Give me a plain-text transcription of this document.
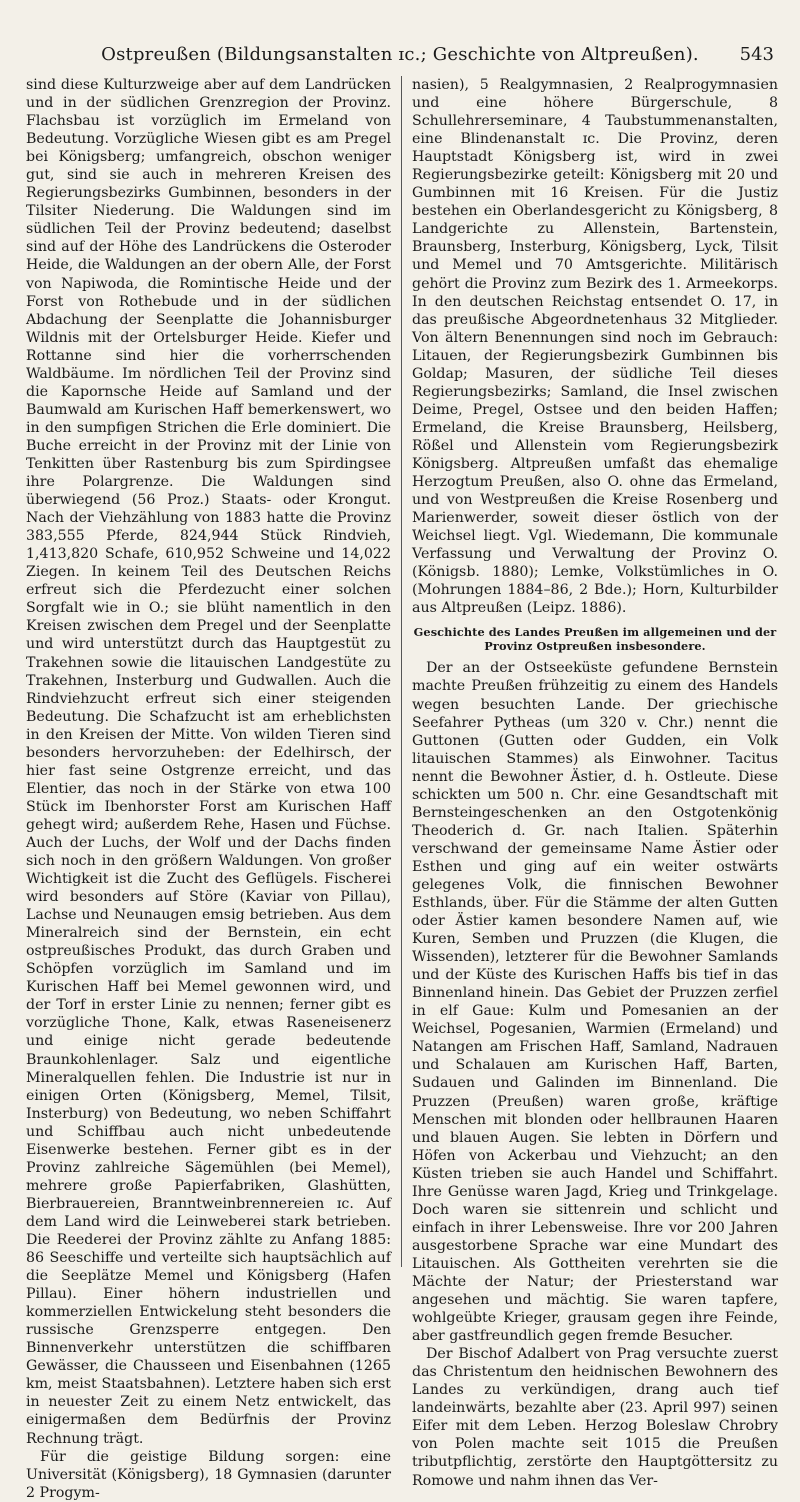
Ostpreußen (Bildungsanstalten ɪc.; Geschichte von Altpreußen).	543

sind diese Kulturzweige aber auf dem Landrücken und in der südlichen Grenzregion der Provinz. Flachsbau ist vorzüglich im Ermeland von Bedeutung. Vorzügliche Wiesen gibt es am Pregel bei Königsberg; umfangreich, obschon weniger gut, sind sie auch in mehreren Kreisen des Regierungsbezirks Gumbinnen, besonders in der Tilsiter Niederung. Die Waldungen sind im südlichen Teil der Provinz bedeutend; daselbst sind auf der Höhe des Landrückens die Osteroder Heide, die Waldungen an der obern Alle, der Forst von Napiwoda, die Romintische Heide und der Forst von Rothebude und in der südlichen Abdachung der Seenplatte die Johannisburger Wildnis mit der Ortelsburger Heide. Kiefer und Rottanne sind hier die vorherrschenden Waldbäume. Im nördlichen Teil der Provinz sind die Kapornsche Heide auf Samland und der Baumwald am Kurischen Haff bemerkenswert, wo in den sumpfigen Strichen die Erle dominiert. Die Buche erreicht in der Provinz mit der Linie von Tenkitten über Rastenburg bis zum Spirdingsee ihre Polargrenze. Die Waldungen sind überwiegend (56 Proz.) Staats- oder Krongut. Nach der Viehzählung von 1883 hatte die Provinz 383,555 Pferde, 824,944 Stück Rindvieh, 1,413,820 Schafe, 610,952 Schweine und 14,022 Ziegen. In keinem Teil des Deutschen Reichs erfreut sich die Pferdezucht einer solchen Sorgfalt wie in O.; sie blüht namentlich in den Kreisen zwischen dem Pregel und der Seenplatte und wird unterstützt durch das Hauptgestüt zu Trakehnen sowie die litauischen Landgestüte zu Trakehnen, Insterburg und Gudwallen. Auch die Rindviehzucht erfreut sich einer steigenden Bedeutung. Die Schafzucht ist am erheblichsten in den Kreisen der Mitte. Von wilden Tieren sind besonders hervorzuheben: der Edelhirsch, der hier fast seine Ostgrenze erreicht, und das Elentier, das noch in der Stärke von etwa 100 Stück im Ibenhorster Forst am Kurischen Haff gehegt wird; außerdem Rehe, Hasen und Füchse. Auch der Luchs, der Wolf und der Dachs finden sich noch in den größern Waldungen. Von großer Wichtigkeit ist die Zucht des Geflügels. Fischerei wird besonders auf Störe (Kaviar von Pillau), Lachse und Neunaugen emsig betrieben. Aus dem Mineralreich sind der Bernstein, ein echt ostpreußisches Produkt, das durch Graben und Schöpfen vorzüglich im Samland und im Kurischen Haff bei Memel gewonnen wird, und der Torf in erster Linie zu nennen; ferner gibt es vorzügliche Thone, Kalk, etwas Raseneisenerz und einige nicht gerade bedeutende Braunkohlenlager. Salz und eigentliche Mineralquellen fehlen. Die Industrie ist nur in einigen Orten (Königsberg, Memel, Tilsit, Insterburg) von Bedeutung, wo neben Schiffahrt und Schiffbau auch nicht unbedeutende Eisenwerke bestehen. Ferner gibt es in der Provinz zahlreiche Sägemühlen (bei Memel), mehrere große Papierfabriken, Glashütten, Bierbrauereien, Branntweinbrennereien ɪc. Auf dem Land wird die Leinweberei stark betrieben. Die Reederei der Provinz zählte zu Anfang 1885: 86 Seeschiffe und verteilte sich hauptsächlich auf die Seeplätze Memel und Königsberg (Hafen Pillau). Einer höhern industriellen und kommerziellen Entwickelung steht besonders die russische Grenzsperre entgegen. Den Binnenverkehr unterstützen die schiffbaren Gewässer, die Chausseen und Eisenbahnen (1265 km, meist Staatsbahnen). Letztere haben sich erst in neuester Zeit zu einem Netz entwickelt, das einigermaßen dem Bedürfnis der Provinz Rechnung trägt.

Für die geistige Bildung sorgen: eine Universität (Königsberg), 18 Gymnasien (darunter 2 Progym-

nasien), 5 Realgymnasien, 2 Realprogymnasien und eine höhere Bürgerschule, 8 Schullehrerseminare, 4 Taubstummenanstalten, eine Blindenanstalt ɪc. Die Provinz, deren Hauptstadt Königsberg ist, wird in zwei Regierungsbezirke geteilt: Königsberg mit 20 und Gumbinnen mit 16 Kreisen. Für die Justiz bestehen ein Oberlandesgericht zu Königsberg, 8 Landgerichte zu Allenstein, Bartenstein, Braunsberg, Insterburg, Königsberg, Lyck, Tilsit und Memel und 70 Amtsgerichte. Militärisch gehört die Provinz zum Bezirk des 1. Armeekorps. In den deutschen Reichstag entsendet O. 17, in das preußische Abgeordnetenhaus 32 Mitglieder. Von ältern Benennungen sind noch im Gebrauch: Litauen, der Regierungsbezirk Gumbinnen bis Goldap; Masuren, der südliche Teil dieses Regierungsbezirks; Samland, die Insel zwischen Deime, Pregel, Ostsee und den beiden Haffen; Ermeland, die Kreise Braunsberg, Heilsberg, Rößel und Allenstein vom Regierungsbezirk Königsberg. Altpreußen umfaßt das ehemalige Herzogtum Preußen, also O. ohne das Ermeland, und von Westpreußen die Kreise Rosenberg und Marienwerder, soweit dieser östlich von der Weichsel liegt. Vgl. Wiedemann, Die kommunale Verfassung und Verwaltung der Provinz O. (Königsb. 1880); Lemke, Volkstümliches in O. (Mohrungen 1884–86, 2 Bde.); Horn, Kulturbilder aus Altpreußen (Leipz. 1886).

Geschichte des Landes Preußen im allgemeinen und der Provinz Ostpreußen insbesondere.

Der an der Ostseeküste gefundene Bernstein machte Preußen frühzeitig zu einem des Handels wegen besuchten Lande. Der griechische Seefahrer Pytheas (um 320 v. Chr.) nennt die Guttonen (Gutten oder Gudden, ein Volk litauischen Stammes) als Einwohner. Tacitus nennt die Bewohner Ästier, d. h. Ostleute. Diese schickten um 500 n. Chr. eine Gesandtschaft mit Bernsteingeschenken an den Ostgotenkönig Theoderich d. Gr. nach Italien. Späterhin verschwand der gemeinsame Name Ästier oder Esthen und ging auf ein weiter ostwärts gelegenes Volk, die finnischen Bewohner Esthlands, über. Für die Stämme der alten Gutten oder Ästier kamen besondere Namen auf, wie Kuren, Semben und Pruzzen (die Klugen, die Wissenden), letzterer für die Bewohner Samlands und der Küste des Kurischen Haffs bis tief in das Binnenland hinein. Das Gebiet der Pruzzen zerfiel in elf Gaue: Kulm und Pomesanien an der Weichsel, Pogesanien, Warmien (Ermeland) und Natangen am Frischen Haff, Samland, Nadrauen und Schalauen am Kurischen Haff, Barten, Sudauen und Galinden im Binnenland. Die Pruzzen (Preußen) waren große, kräftige Menschen mit blonden oder hellbraunen Haaren und blauen Augen. Sie lebten in Dörfern und Höfen von Ackerbau und Viehzucht; an den Küsten trieben sie auch Handel und Schiffahrt. Ihre Genüsse waren Jagd, Krieg und Trinkgelage. Doch waren sie sittenrein und schlicht und einfach in ihrer Lebensweise. Ihre vor 200 Jahren ausgestorbene Sprache war eine Mundart des Litauischen. Als Gottheiten verehrten sie die Mächte der Natur; der Priesterstand war angesehen und mächtig. Sie waren tapfere, wohlgeübte Krieger, grausam gegen ihre Feinde, aber gastfreundlich gegen fremde Besucher.

Der Bischof Adalbert von Prag versuchte zuerst das Christentum den heidnischen Bewohnern des Landes zu verkündigen, drang auch tief landeinwärts, bezahlte aber (23. April 997) seinen Eifer mit dem Leben. Herzog Boleslaw Chrobry von Polen machte seit 1015 die Preußen tributpflichtig, zerstörte den Hauptgöttersitz zu Romowe und nahm ihnen das Ver-
